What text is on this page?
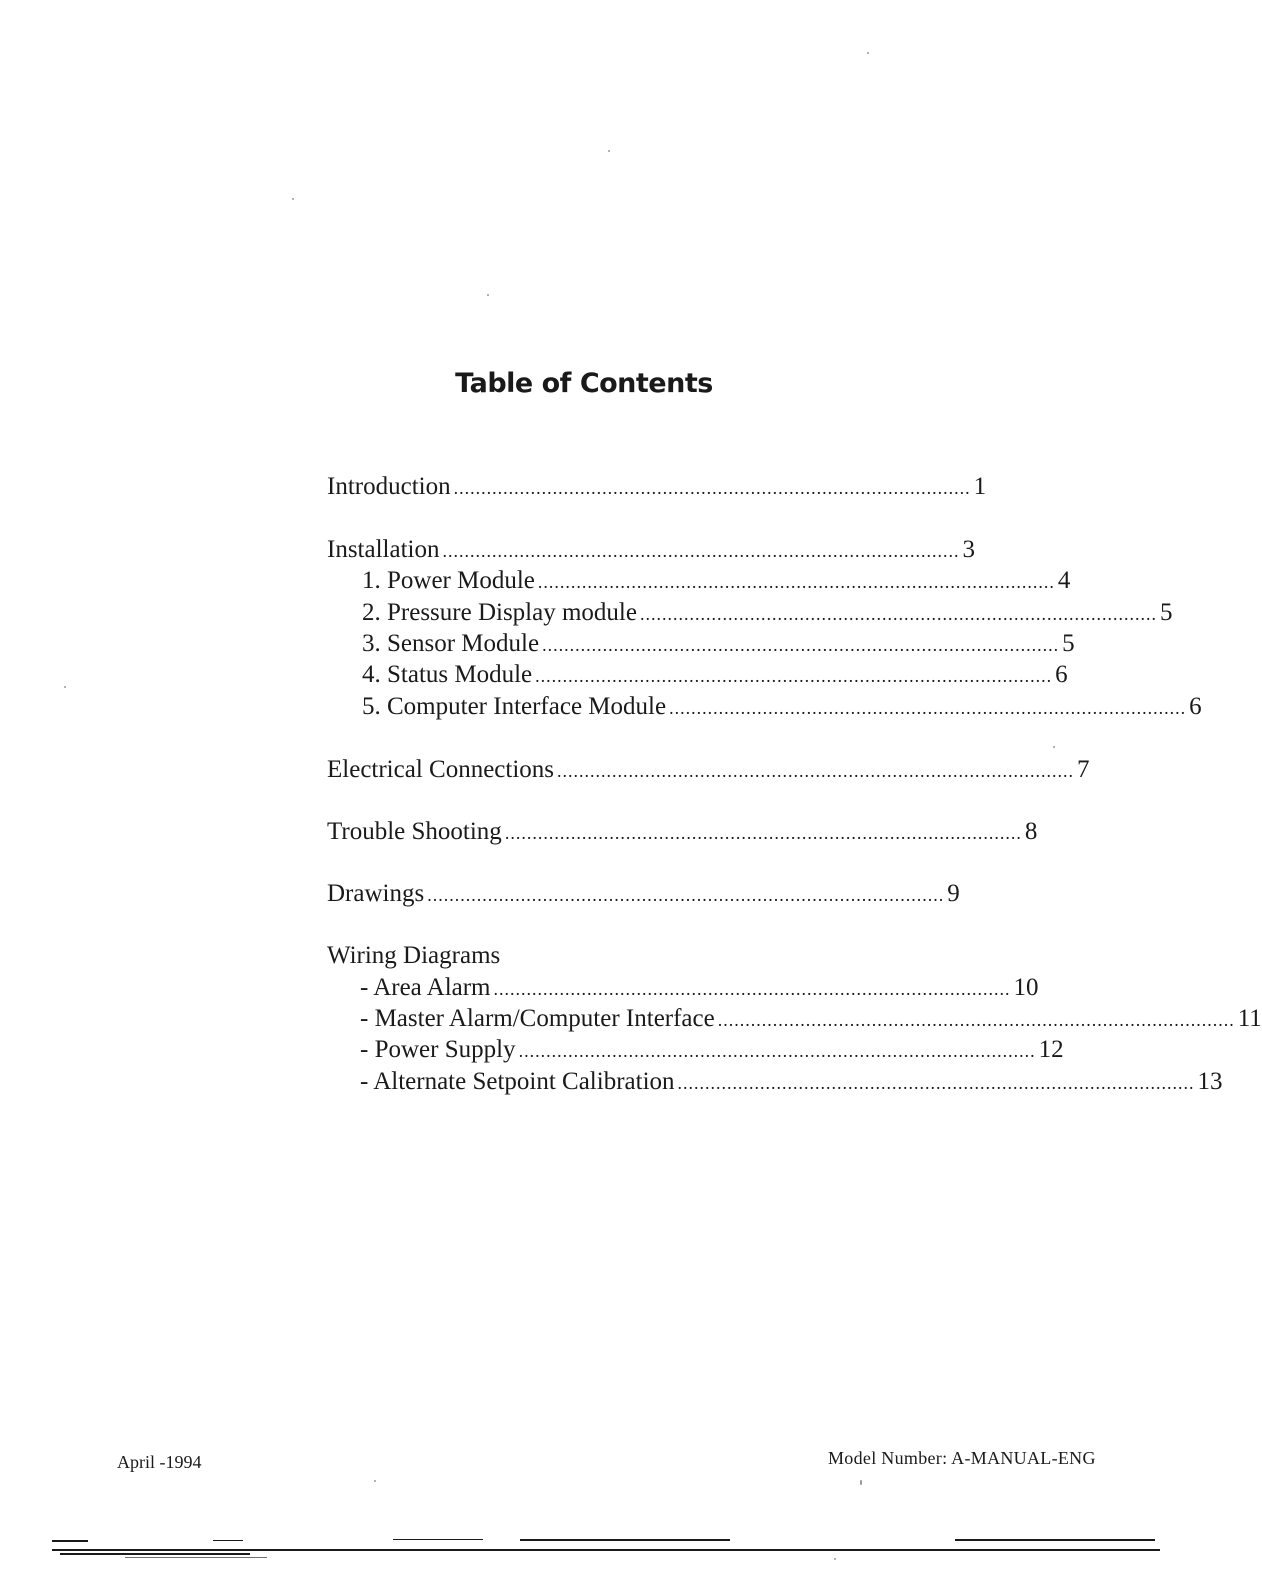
Table of Contents
Introduction .............................................................................................. 1
Installation .............................................................................................. 3
1. Power Module .............................................................................................. 4
2. Pressure Display module .............................................................................................. 5
3. Sensor Module .............................................................................................. 5
4. Status Module .............................................................................................. 6
5. Computer Interface Module .............................................................................................. 6
Electrical Connections .............................................................................................. 7
Trouble Shooting .............................................................................................. 8
Drawings .............................................................................................. 9
Wiring Diagrams
- Area Alarm .............................................................................................. 10
- Master Alarm/Computer Interface .............................................................................................. 11
- Power Supply .............................................................................................. 12
- Alternate Setpoint Calibration .............................................................................................. 13
April -1994	Model Number: A-MANUAL-ENG
